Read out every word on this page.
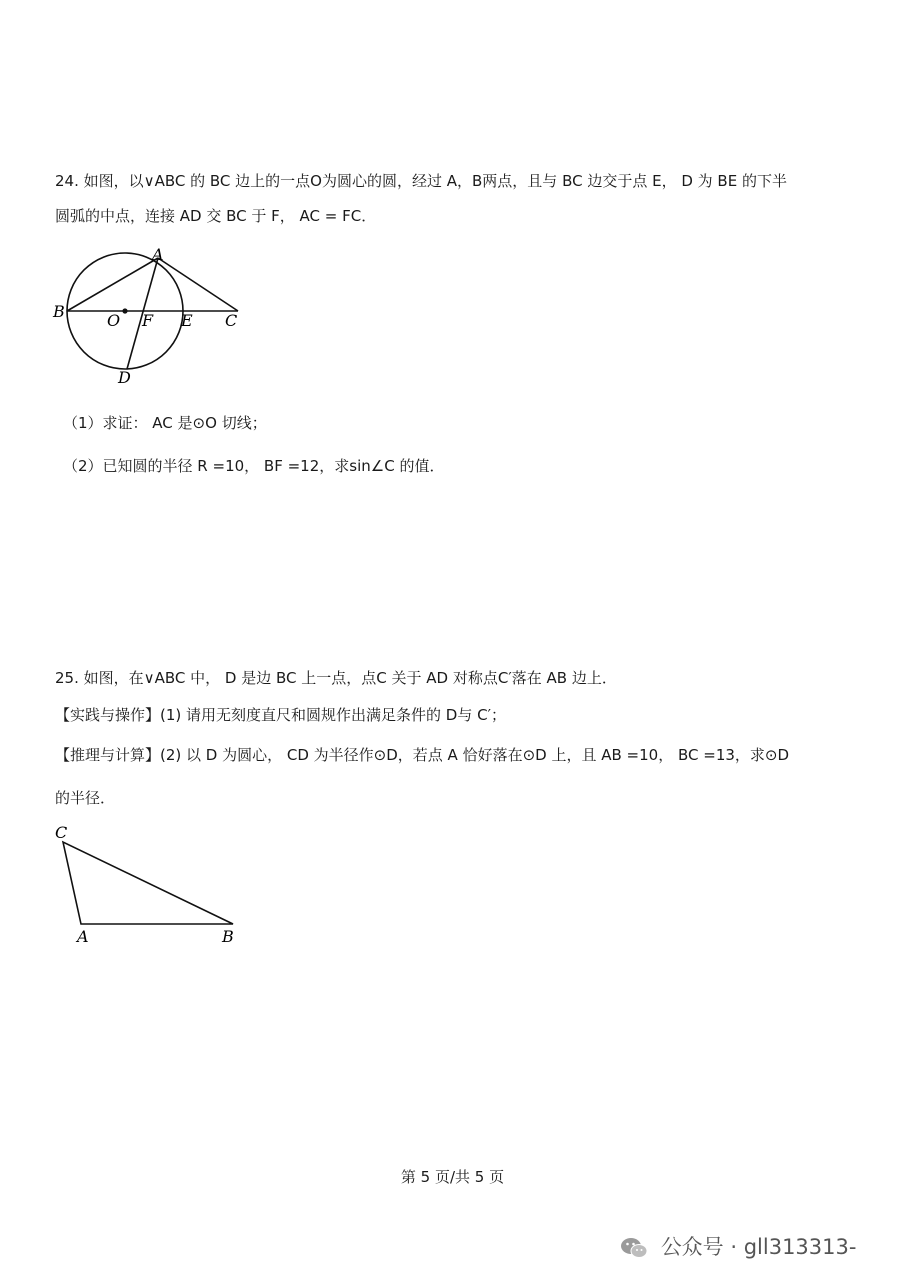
24. 如图，以∨ABC 的 BC 边上的一点O为圆心的圆，经过 A，B两点，且与 BC 边交于点 E， D 为 BE 的下半
圆弧的中点，连接 AD 交 BC 于 F， AC = FC．
A
B	O F E C
D
（1）求证： AC 是⊙O 切线；
（2）已知圆的半径 R =10， BF =12，求sin∠C 的值．
25. 如图，在∨ABC 中， D 是边 BC 上一点，点C 关于 AD 对称点C′落在 AB 边上．
【实践与操作】(1) 请用无刻度直尺和圆规作出满足条件的 D与 C′；
【推理与计算】(2) 以 D 为圆心， CD 为半径作⊙D，若点 A 恰好落在⊙D 上，且 AB =10， BC =13，求⊙D
的半径．
C
A	B
第 5 页/共 5 页
公众号 · gll313313-
